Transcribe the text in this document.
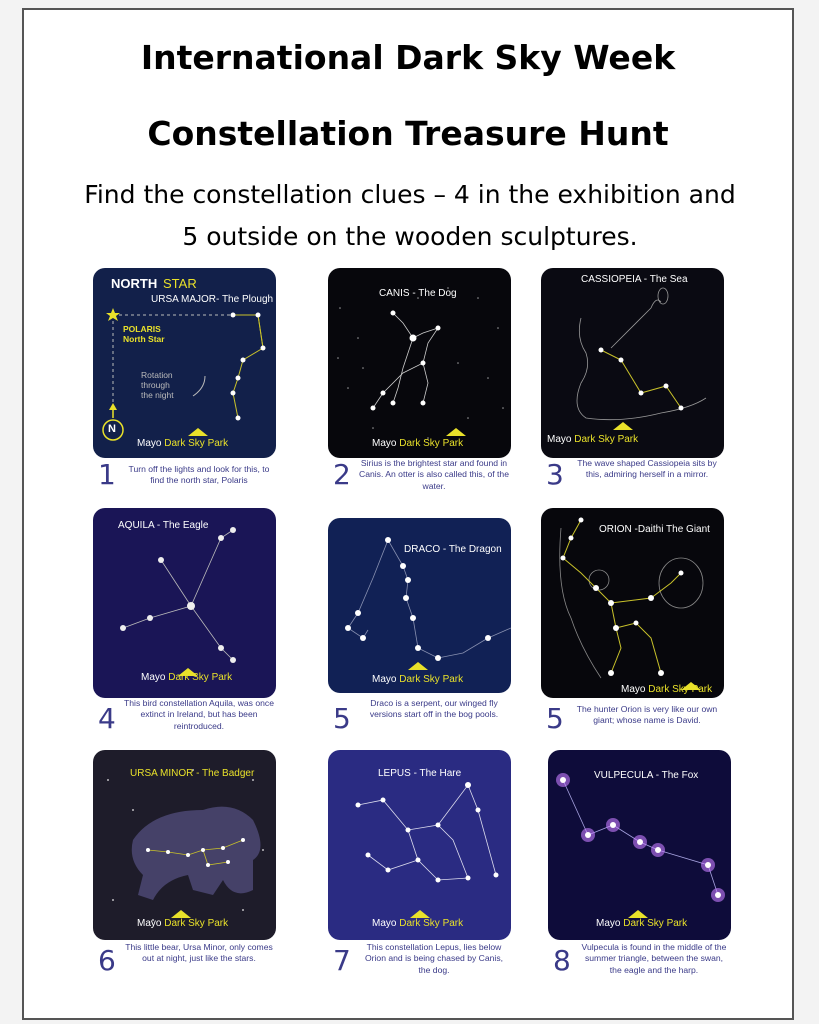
International Dark Sky Week
Constellation Treasure Hunt
Find the constellation clues – 4 in the exhibition and
5 outside on the wooden sculptures.
NORTH STAR
URSA MAJOR- The Plough
POLARIS
North Star
Rotation
through
the night
N
Mayo Dark Sky Park
1	Turn off the lights and look for this, to find the north star, Polaris
CANIS - The Dog
Mayo Dark Sky Park
2 Sirius is the brightest star and found in Canis. An otter is also called this, of the water.
CASSIOPEIA - The Sea
Mayo Dark Sky Park
3	The wave shaped Cassiopeia sits by this, admiring herself in a mirror.
AQUILA - The Eagle
Mayo Dark Sky Park
4 This bird constellation Aquila, was once extinct in Ireland, but has been reintroduced.
DRACO - The Dragon
Mayo Dark Sky Park
5	Draco is a serpent, our winged fly versions start off in the bog pools.
ORION -Daithi The Giant
Mayo Dark Sky Park
5	The hunter Orion is very like our own giant; whose name is David.
URSA MINOR - The Badger
Mayo Dark Sky Park
6 This little bear, Ursa Minor, only comes out at night, just like the stars.
LEPUS - The Hare
Mayo Dark Sky Park
7	This constellation Lepus, lies below Orion and is being chased by Canis, the dog.
VULPECULA - The Fox
Mayo Dark Sky Park
8 Vulpecula is found in the middle of the summer triangle, between the swan, the eagle and the harp.
